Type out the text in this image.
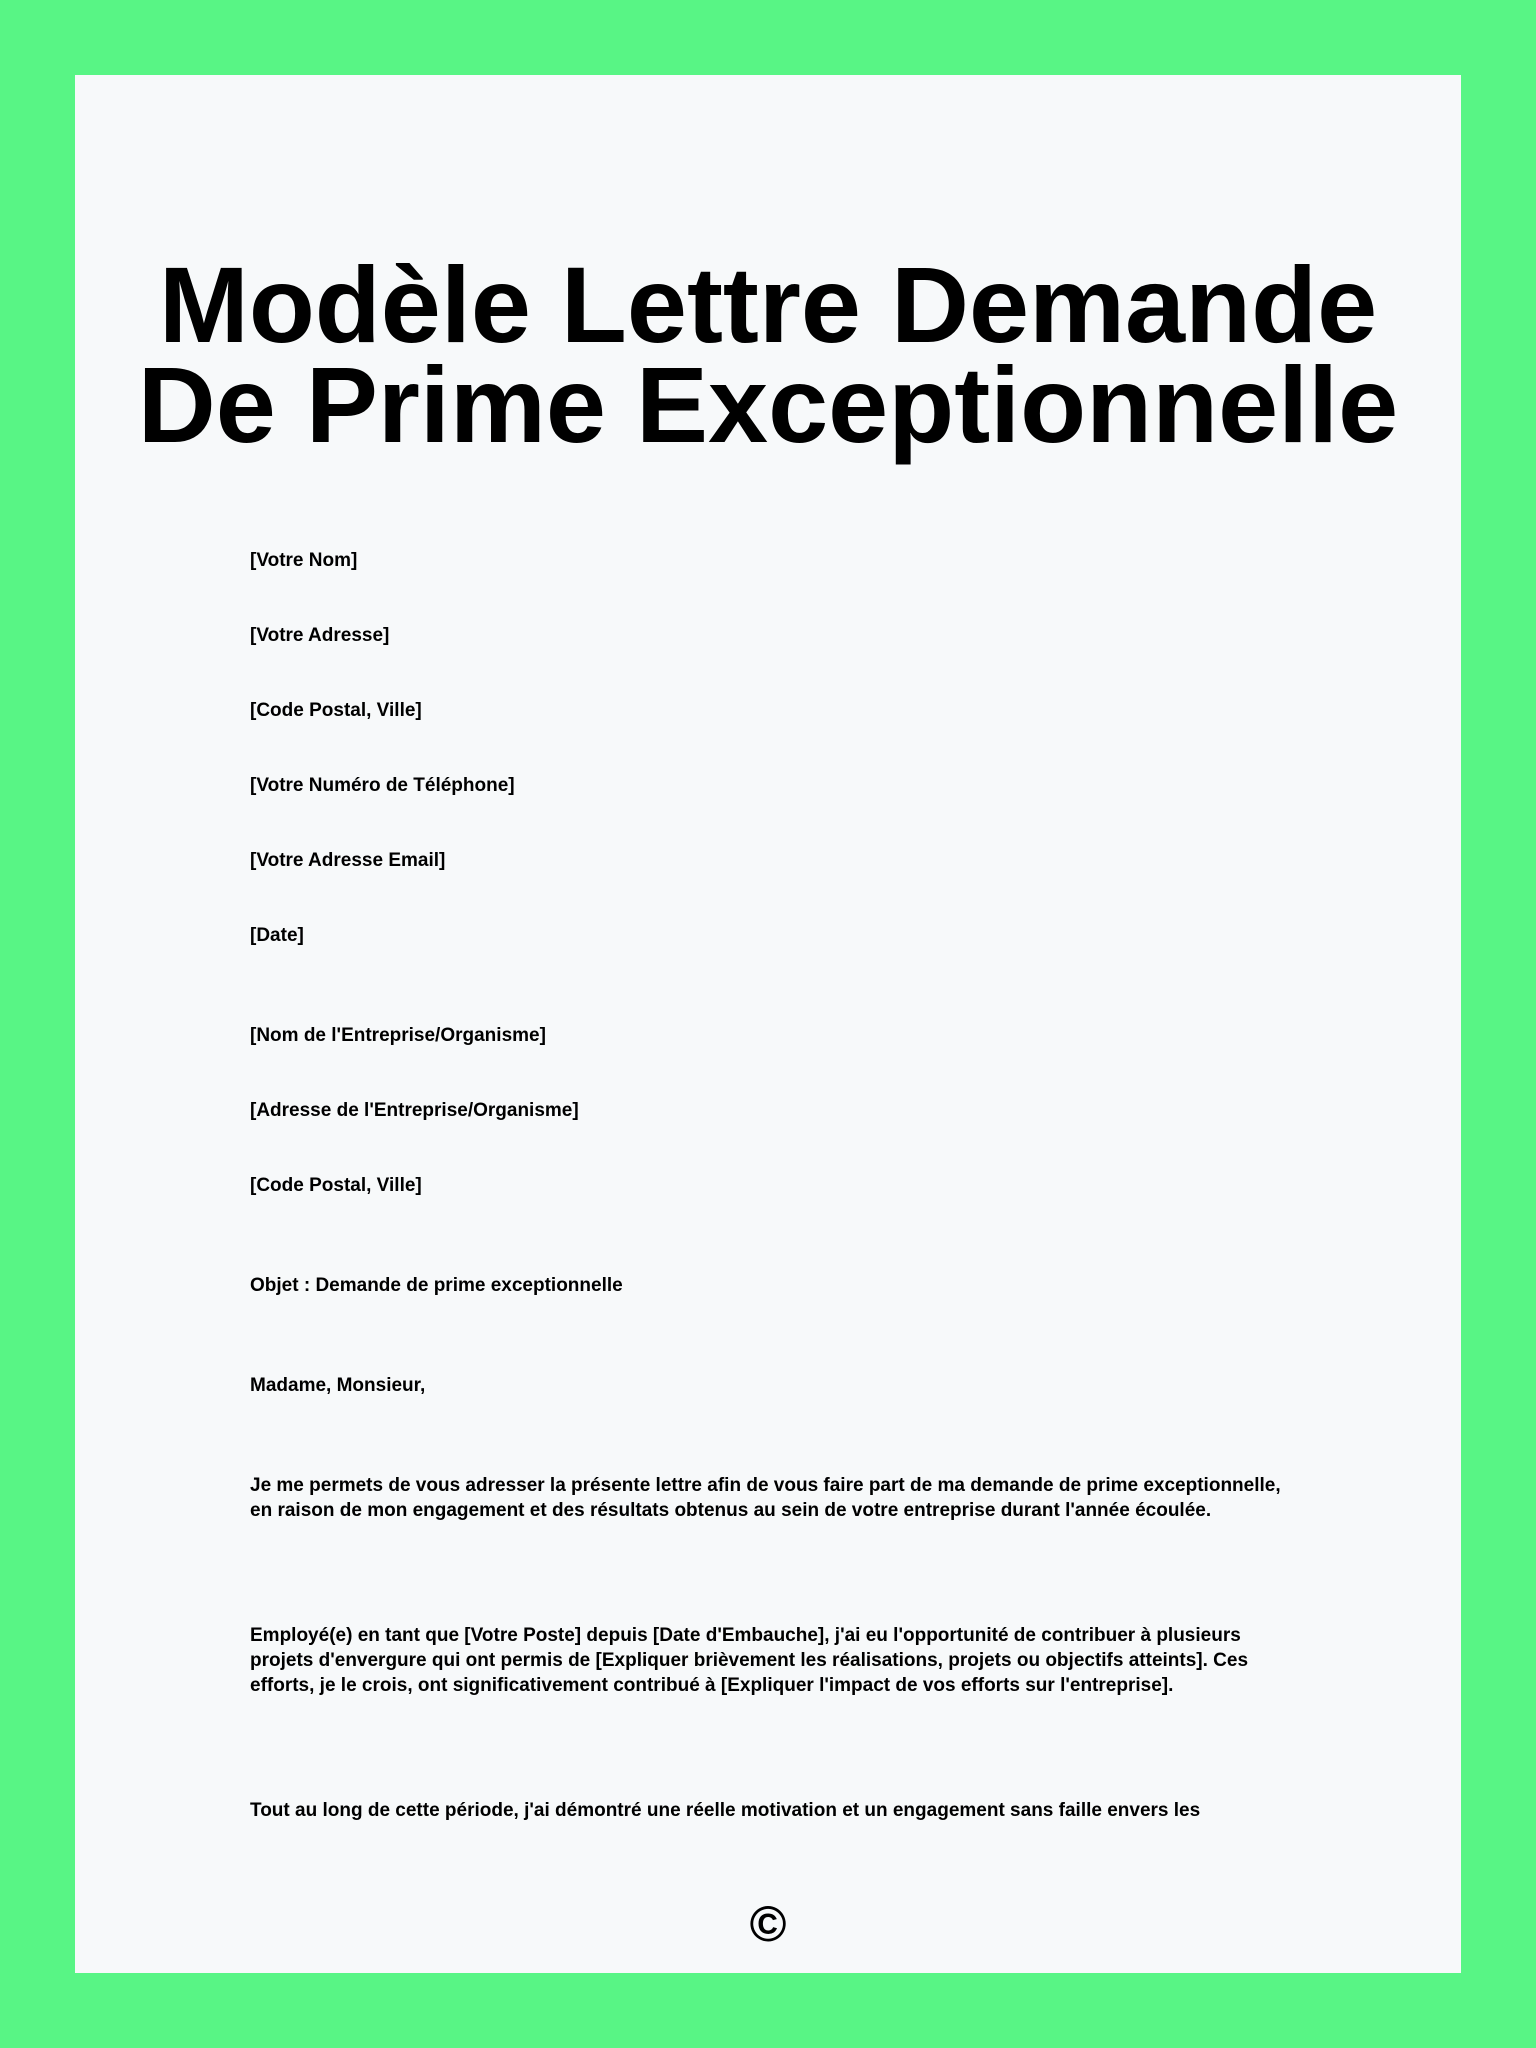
Modèle Lettre Demande De Prime Exceptionnelle

[Votre Nom]

[Votre Adresse]

[Code Postal, Ville]

[Votre Numéro de Téléphone]

[Votre Adresse Email]

[Date]

[Nom de l'Entreprise/Organisme]

[Adresse de l'Entreprise/Organisme]

[Code Postal, Ville]

Objet : Demande de prime exceptionnelle

Madame, Monsieur,

Je me permets de vous adresser la présente lettre afin de vous faire part de ma demande de prime exceptionnelle, en raison de mon engagement et des résultats obtenus au sein de votre entreprise durant l'année écoulée.

Employé(e) en tant que [Votre Poste] depuis [Date d'Embauche], j'ai eu l'opportunité de contribuer à plusieurs projets d'envergure qui ont permis de [Expliquer brièvement les réalisations, projets ou objectifs atteints]. Ces efforts, je le crois, ont significativement contribué à [Expliquer l'impact de vos efforts sur l'entreprise].

Tout au long de cette période, j'ai démontré une réelle motivation et un engagement sans faille envers les

©
